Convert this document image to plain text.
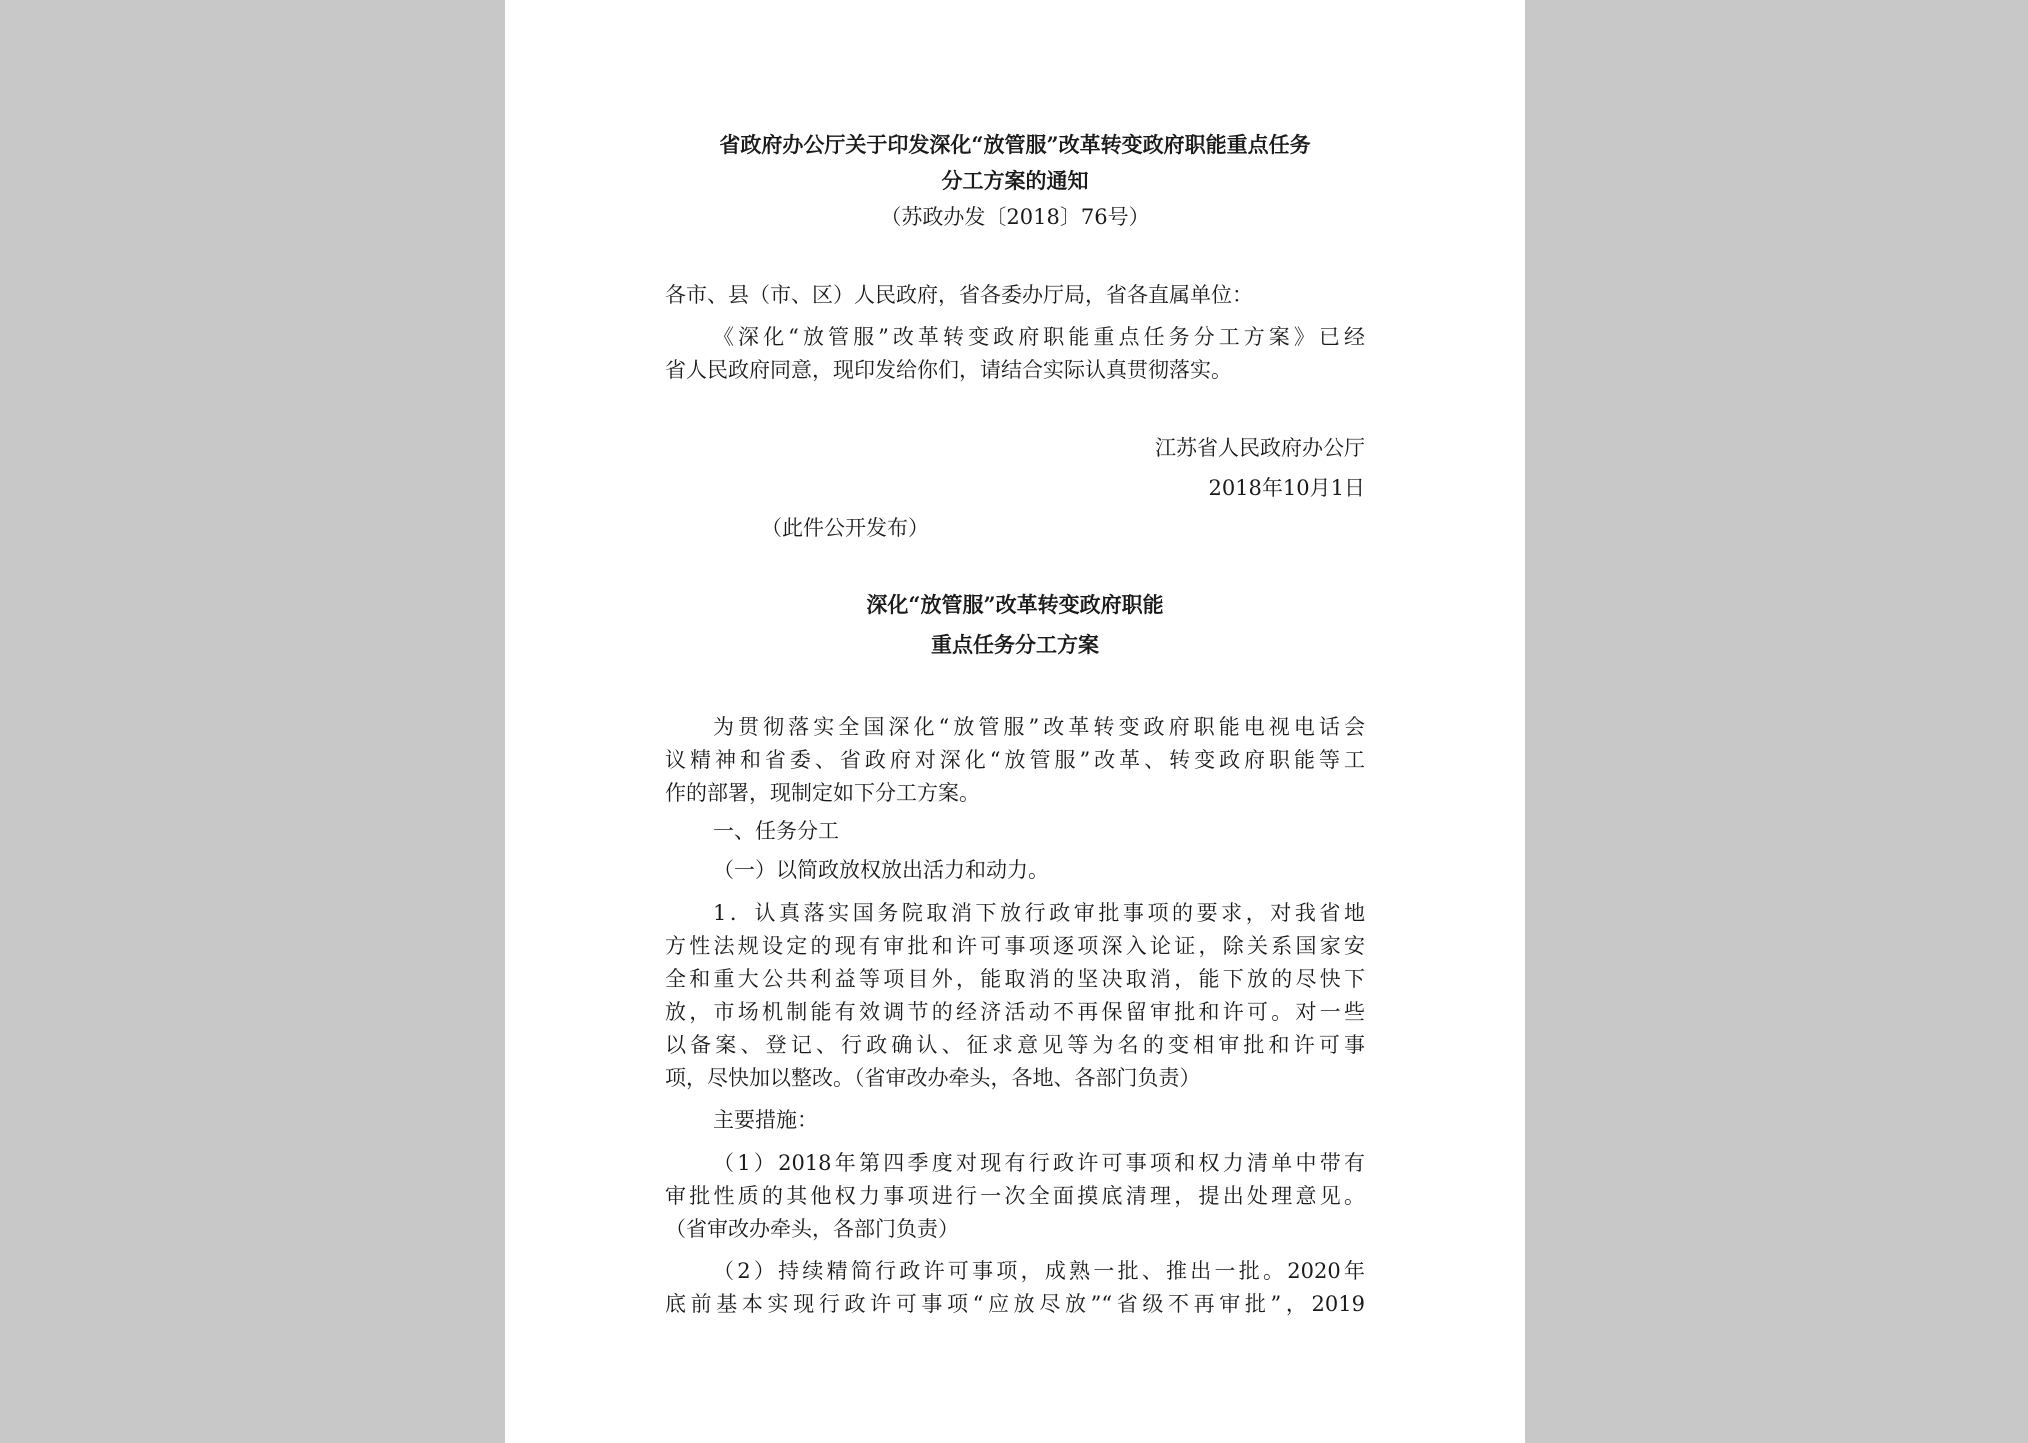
省政府办公厅关于印发深化“放管服”改革转变政府职能重点任务
分工方案的通知
（苏政办发〔2018〕76号）
各市、县（市、区）人民政府，省各委办厅局，省各直属单位：
《深化“放管服”改革转变政府职能重点任务分工方案》已经
省人民政府同意，现印发给你们，请结合实际认真贯彻落实。
江苏省人民政府办公厅
2018年10月1日
（此件公开发布）
深化“放管服”改革转变政府职能
重点任务分工方案
为贯彻落实全国深化“放管服”改革转变政府职能电视电话会
议精神和省委、省政府对深化“放管服”改革、转变政府职能等工
作的部署，现制定如下分工方案。
一、任务分工
（一）以简政放权放出活力和动力。
1．认真落实国务院取消下放行政审批事项的要求，对我省地
方性法规设定的现有审批和许可事项逐项深入论证，除关系国家安
全和重大公共利益等项目外，能取消的坚决取消，能下放的尽快下
放，市场机制能有效调节的经济活动不再保留审批和许可。对一些
以备案、登记、行政确认、征求意见等为名的变相审批和许可事
项，尽快加以整改。（省审改办牵头，各地、各部门负责）
主要措施：
（1）2018年第四季度对现有行政许可事项和权力清单中带有
审批性质的其他权力事项进行一次全面摸底清理，提出处理意见。
（省审改办牵头，各部门负责）
（2）持续精简行政许可事项，成熟一批、推出一批。2020年
底前基本实现行政许可事项“应放尽放”“省级不再审批”，2019
